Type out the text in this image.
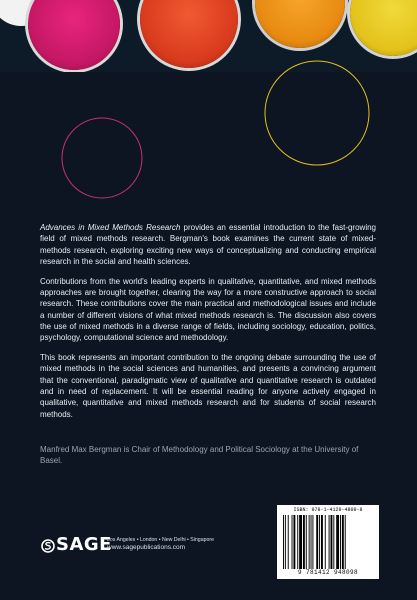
Advances in Mixed Methods Research provides an essential introduction to the fast-growing field of mixed methods research. Bergman's book examines the current state of mixed-methods research, exploring exciting new ways of conceptualizing and conducting empirical research in the social and health sciences.

Contributions from the world's leading experts in qualitative, quantitative, and mixed methods approaches are brought together, clearing the way for a more constructive approach to social research. These contributions cover the main practical and methodological issues and include a number of different visions of what mixed methods research is. The discussion also covers the use of mixed methods in a diverse range of fields, including sociology, education, politics, psychology, computational science and methodology.

This book represents an important contribution to the ongoing debate surrounding the use of mixed methods in the social sciences and humanities, and presents a convincing argument that the conventional, paradigmatic view of qualitative and quantitative research is outdated and in need of replacement. It will be essential reading for anyone actively engaged in qualitative, quantitative and mixed methods research and for students of social research methods.

Manfred Max Bergman is Chair of Methodology and Political Sociology at the University of Basel.
SAGE
Los Angeles • London • New Delhi • Singapore
www.sagepublications.com
ISBN: 978-1-4129-4809-8
9 781412 948098
